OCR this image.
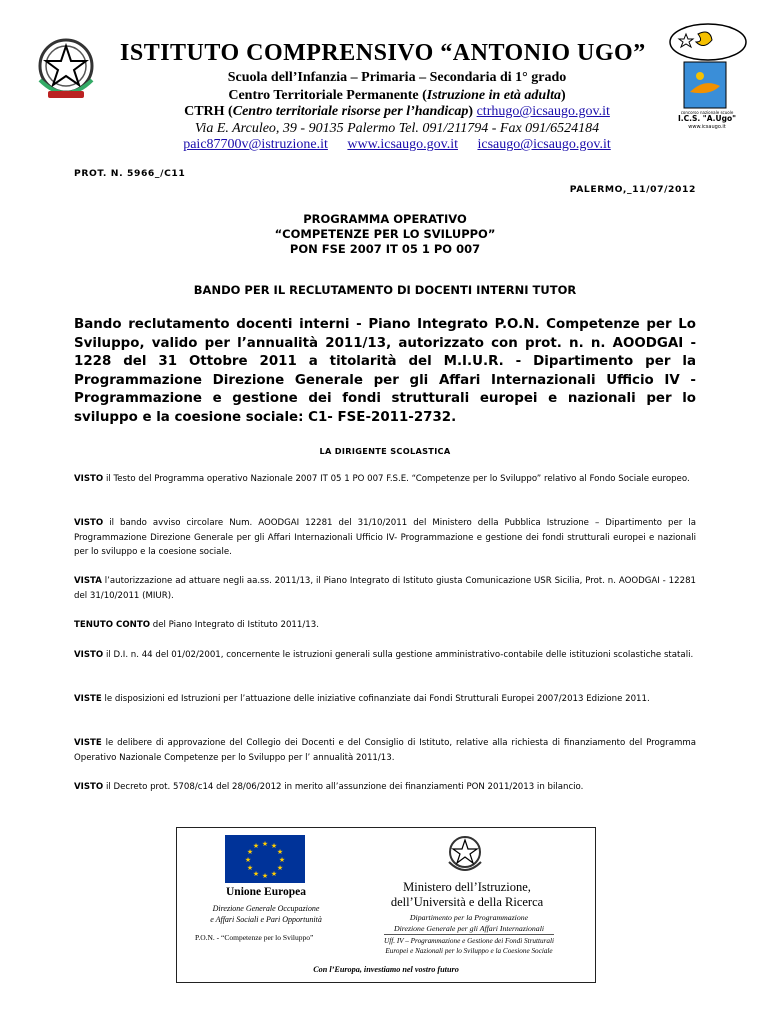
concorso nazionale scuole
I.C.S. "A.Ugo"
www.icsaugo.it
ISTITUTO COMPRENSIVO “ANTONIO UGO”
Scuola dell’Infanzia – Primaria – Secondaria di 1° grado
Centro Territoriale Permanente (Istruzione in età adulta)
CTRH (Centro territoriale risorse per l’handicap) ctrhugo@icsaugo.gov.it
Via E. Arculeo, 39 - 90135 Palermo Tel. 091/211794 - Fax 091/6524184
paic87700v@istruzione.it www.icsaugo.gov.it icsaugo@icsaugo.gov.it
PROT. N. 5966_/C11
PALERMO,_11/07/2012
PROGRAMMA OPERATIVO
“COMPETENZE PER LO SVILUPPO”
PON FSE 2007 IT 05 1 PO 007
BANDO PER IL RECLUTAMENTO DI DOCENTI INTERNI TUTOR
Bando reclutamento docenti interni - Piano Integrato P.O.N. Competenze per Lo Sviluppo, valido per l’annualità 2011/13, autorizzato con prot. n. n. AOODGAI - 1228 del 31 Ottobre 2011 a titolarità del M.I.U.R. - Dipartimento per la Programmazione Direzione Generale per gli Affari Internazionali Ufficio IV - Programmazione e gestione dei fondi strutturali europei e nazionali per lo sviluppo e la coesione sociale: C1- FSE-2011-2732.
LA DIRIGENTE SCOLASTICA
VISTO il Testo del Programma operativo Nazionale 2007 IT 05 1 PO 007 F.S.E. “Competenze per lo Sviluppo” relativo al Fondo Sociale europeo.
VISTO il bando avviso circolare Num. AOODGAI 12281 del 31/10/2011 del Ministero della Pubblica Istruzione – Dipartimento per la Programmazione Direzione Generale per gli Affari Internazionali Ufficio IV- Programmazione e gestione dei fondi strutturali europei e nazionali per lo sviluppo e la coesione sociale.
VISTA l’autorizzazione ad attuare negli aa.ss. 2011/13, il Piano Integrato di Istituto giusta Comunicazione USR Sicilia, Prot. n. AOODGAI - 12281 del 31/10/2011 (MIUR).
TENUTO CONTO del Piano Integrato di Istituto 2011/13.
VISTO il D.I. n. 44 del 01/02/2001, concernente le istruzioni generali sulla gestione amministrativo-contabile delle istituzioni scolastiche statali.
VISTE le disposizioni ed Istruzioni per l’attuazione delle iniziative cofinanziate dai Fondi Strutturali Europei 2007/2013 Edizione 2011.
VISTE le delibere di approvazione del Collegio dei Docenti e del Consiglio di Istituto, relative alla richiesta di finanziamento del Programma Operativo Nazionale Competenze per lo Sviluppo per l’ annualità 2011/13.
VISTO il Decreto prot. 5708/c14 del 28/06/2012 in merito all’assunzione dei finanziamenti PON 2011/2013 in bilancio.
★ ★
★
★
★
★
★
★
★
★
★
★
Unione Europea
Direzione Generale Occupazione
e Affari Sociali e Pari Opportunità
P.O.N. - “Competenze per lo Sviluppo”
Ministero dell’Istruzione,
dell’Università e della Ricerca
Dipartimento per la Programmazione
Direzione Generale per gli Affari Internazionali
Uff. IV – Programmazione e Gestione dei Fondi Strutturali
Europei e Nazionali per lo Sviluppo e la Coesione Sociale
Con l’Europa, investiamo nel vostro futuro
